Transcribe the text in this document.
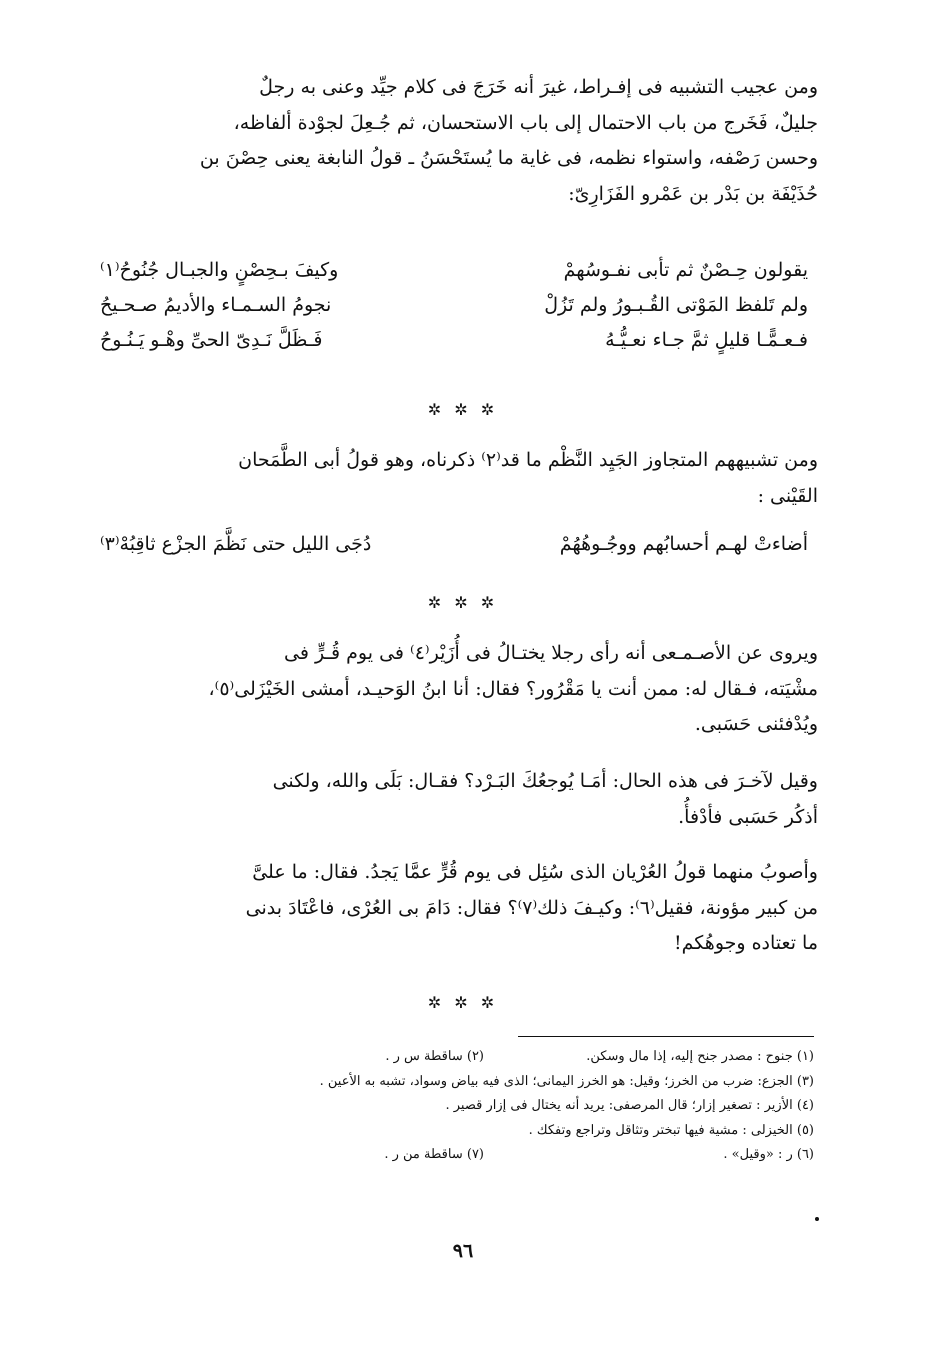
ومن عجيب التشبيه فى إفـراط، غيرَ أنه خَرَجَ فى كلام جيِّد وعنى به رجلٌ
جليلٌ، فَخَرج من باب الاحتمال إلى باب الاستحسان، ثم جُـعِلَ لجوْدة ألفاظه،
وحسن رَصْفه، واستواء نظمه، فى غاية ما يُستَحْسَنُ ـ قولُ النابغة يعنى حِصْنَ بن
حُذَيْفَة بن بَدْر بن عَمْرو الفَزَارِىّ:

يقولون حِـصْنٌ ثم تأبى نفـوسُهمْ
وكيفَ بـحِصْنٍ والجبـال جُنُوحُ⁽١⁾
ولم تَلفظ المَوْتى القُـبـورُ ولم تَزُلْ
نجومُ السـمـاء والأديمُ صـحـيحُ
فـعـمًّـا قليلٍ ثمَّ جـاء نعـيُّـهُ
فَـظَلَّ نَـدِىّ الحىِّ وهْـو يَـنُـوحُ
✲ ✲ ✲

ومن تشبيههم المتجاوز الجَيِد النَّظْم ما قد⁽٢⁾ ذكرناه، وهو قولُ أبى الطَّمَحان
القَيْنى :

أضاءتْ لهـم أحسابُهم ووجُـوهُهُمْ
دُجَى الليل حتى نَظَّمَ الجزْع ثاقِبُهْ⁽٣⁾
✲ ✲ ✲

ويروى عن الأصـمـعى أنه رأى رجلا يختـالُ فى أُزَيْر⁽٤⁾ فى يوم قُـرٍّ فى
مشْيَته، فـقال له: ممن أنت يا مَقْرُور؟ فقال: أنا ابنُ الوَحيـد، أمشى الخَيْزَلى⁽٥⁾،
ويُدْفئنى حَسَبى.

وقيل لآخـرَ فى هذه الحال: أمَـا يُوجعُكَ البَـرْد؟ فقـال: بَلَى والله، ولكنى
أذكُر حَسَبى فأدْفأُ.

وأصوبُ منهما قولُ العُرْيان الذى سُئِل فى يوم قُرٍّ عمَّا يَجدُ. فقال: ما علىَّ
من كبير مؤونة، فقيل⁽٦⁾: وكيـفَ ذلك⁽٧⁾؟ فقال: دَامَ بى العُرْى، فاعْتَادَ بدنى
ما تعتاده وجوهُكم!

✲ ✲ ✲
(١) جنوح : مصدر جنح إليه، إذا مال وسكن.
(٢) ساقطة س ر .
(٣) الجزع: ضرب من الخرز؛ وقيل: هو الخرز اليمانى؛ الذى فيه بياض وسواد، تشبه به الأعين .
(٤) الأزير : تصغير إزار؛ قال المرصفى: يريد أنه يختال فى إزار قصير .
(٥) الخيزلى : مشية فيها تبختر وتثاقل وتراجع وتفكك .
(٦) ر : «وقيل» .
(٧) ساقطة من ر .
٩٦
